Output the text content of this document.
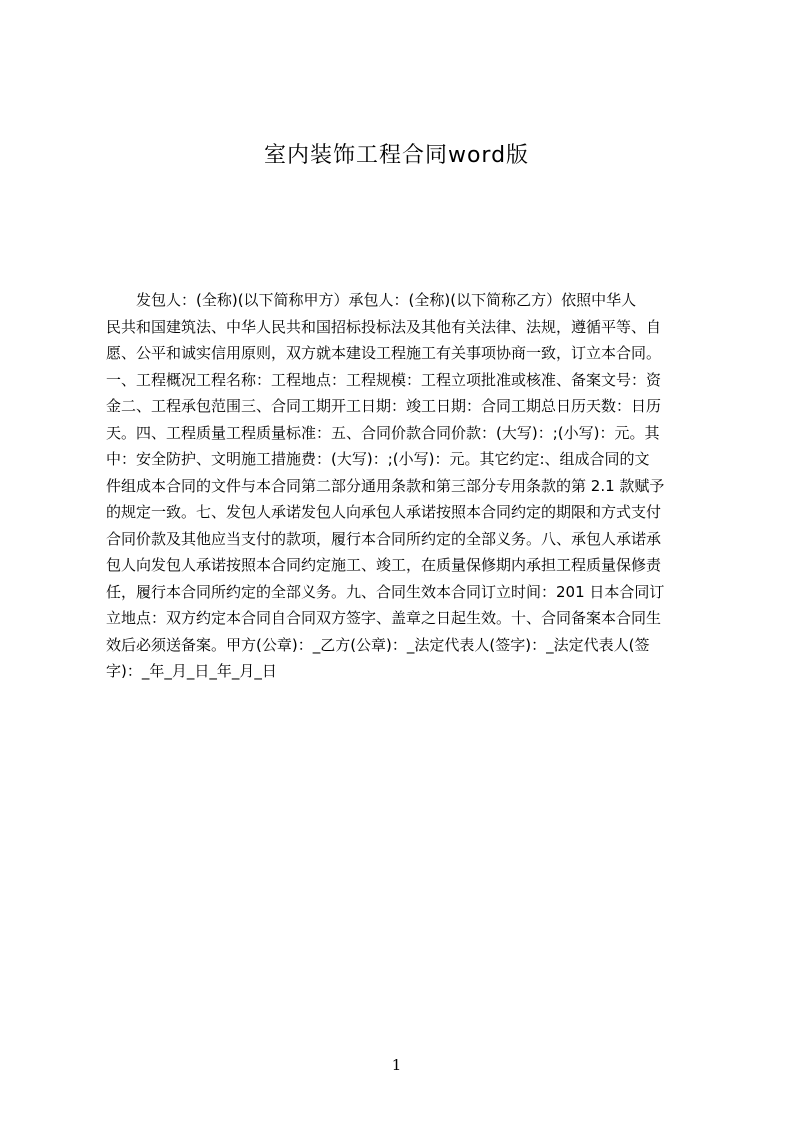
室内装饰工程合同word版
　　发包人：(全称)(以下简称甲方）承包人：(全称)(以下简称乙方）依照中华人
民共和国建筑法、中华人民共和国招标投标法及其他有关法律、法规，遵循平等、自
愿、公平和诚实信用原则，双方就本建设工程施工有关事项协商一致，订立本合同。
一、工程概况工程名称：工程地点：工程规模：工程立项批准或核准、备案文号：资
金二、工程承包范围三、合同工期开工日期：竣工日期：合同工期总日历天数：日历
天。四、工程质量工程质量标准：五、合同价款合同价款：(大写)：;(小写)：元。其
中：安全防护、文明施工措施费：(大写)：;(小写)：元。其它约定:、组成合同的文
件组成本合同的文件与本合同第二部分通用条款和第三部分专用条款的第 2.1 款赋予
的规定一致。七、发包人承诺发包人向承包人承诺按照本合同约定的期限和方式支付
合同价款及其他应当支付的款项，履行本合同所约定的全部义务。八、承包人承诺承
包人向发包人承诺按照本合同约定施工、竣工，在质量保修期内承担工程质量保修责
任，履行本合同所约定的全部义务。九、合同生效本合同订立时间：201 日本合同订
立地点：双方约定本合同自合同双方签字、盖章之日起生效。十、合同备案本合同生
效后必须送备案。甲方(公章)：_乙方(公章)：_法定代表人(签字)：_法定代表人(签
字)：_年_月_日_年_月_日
1
